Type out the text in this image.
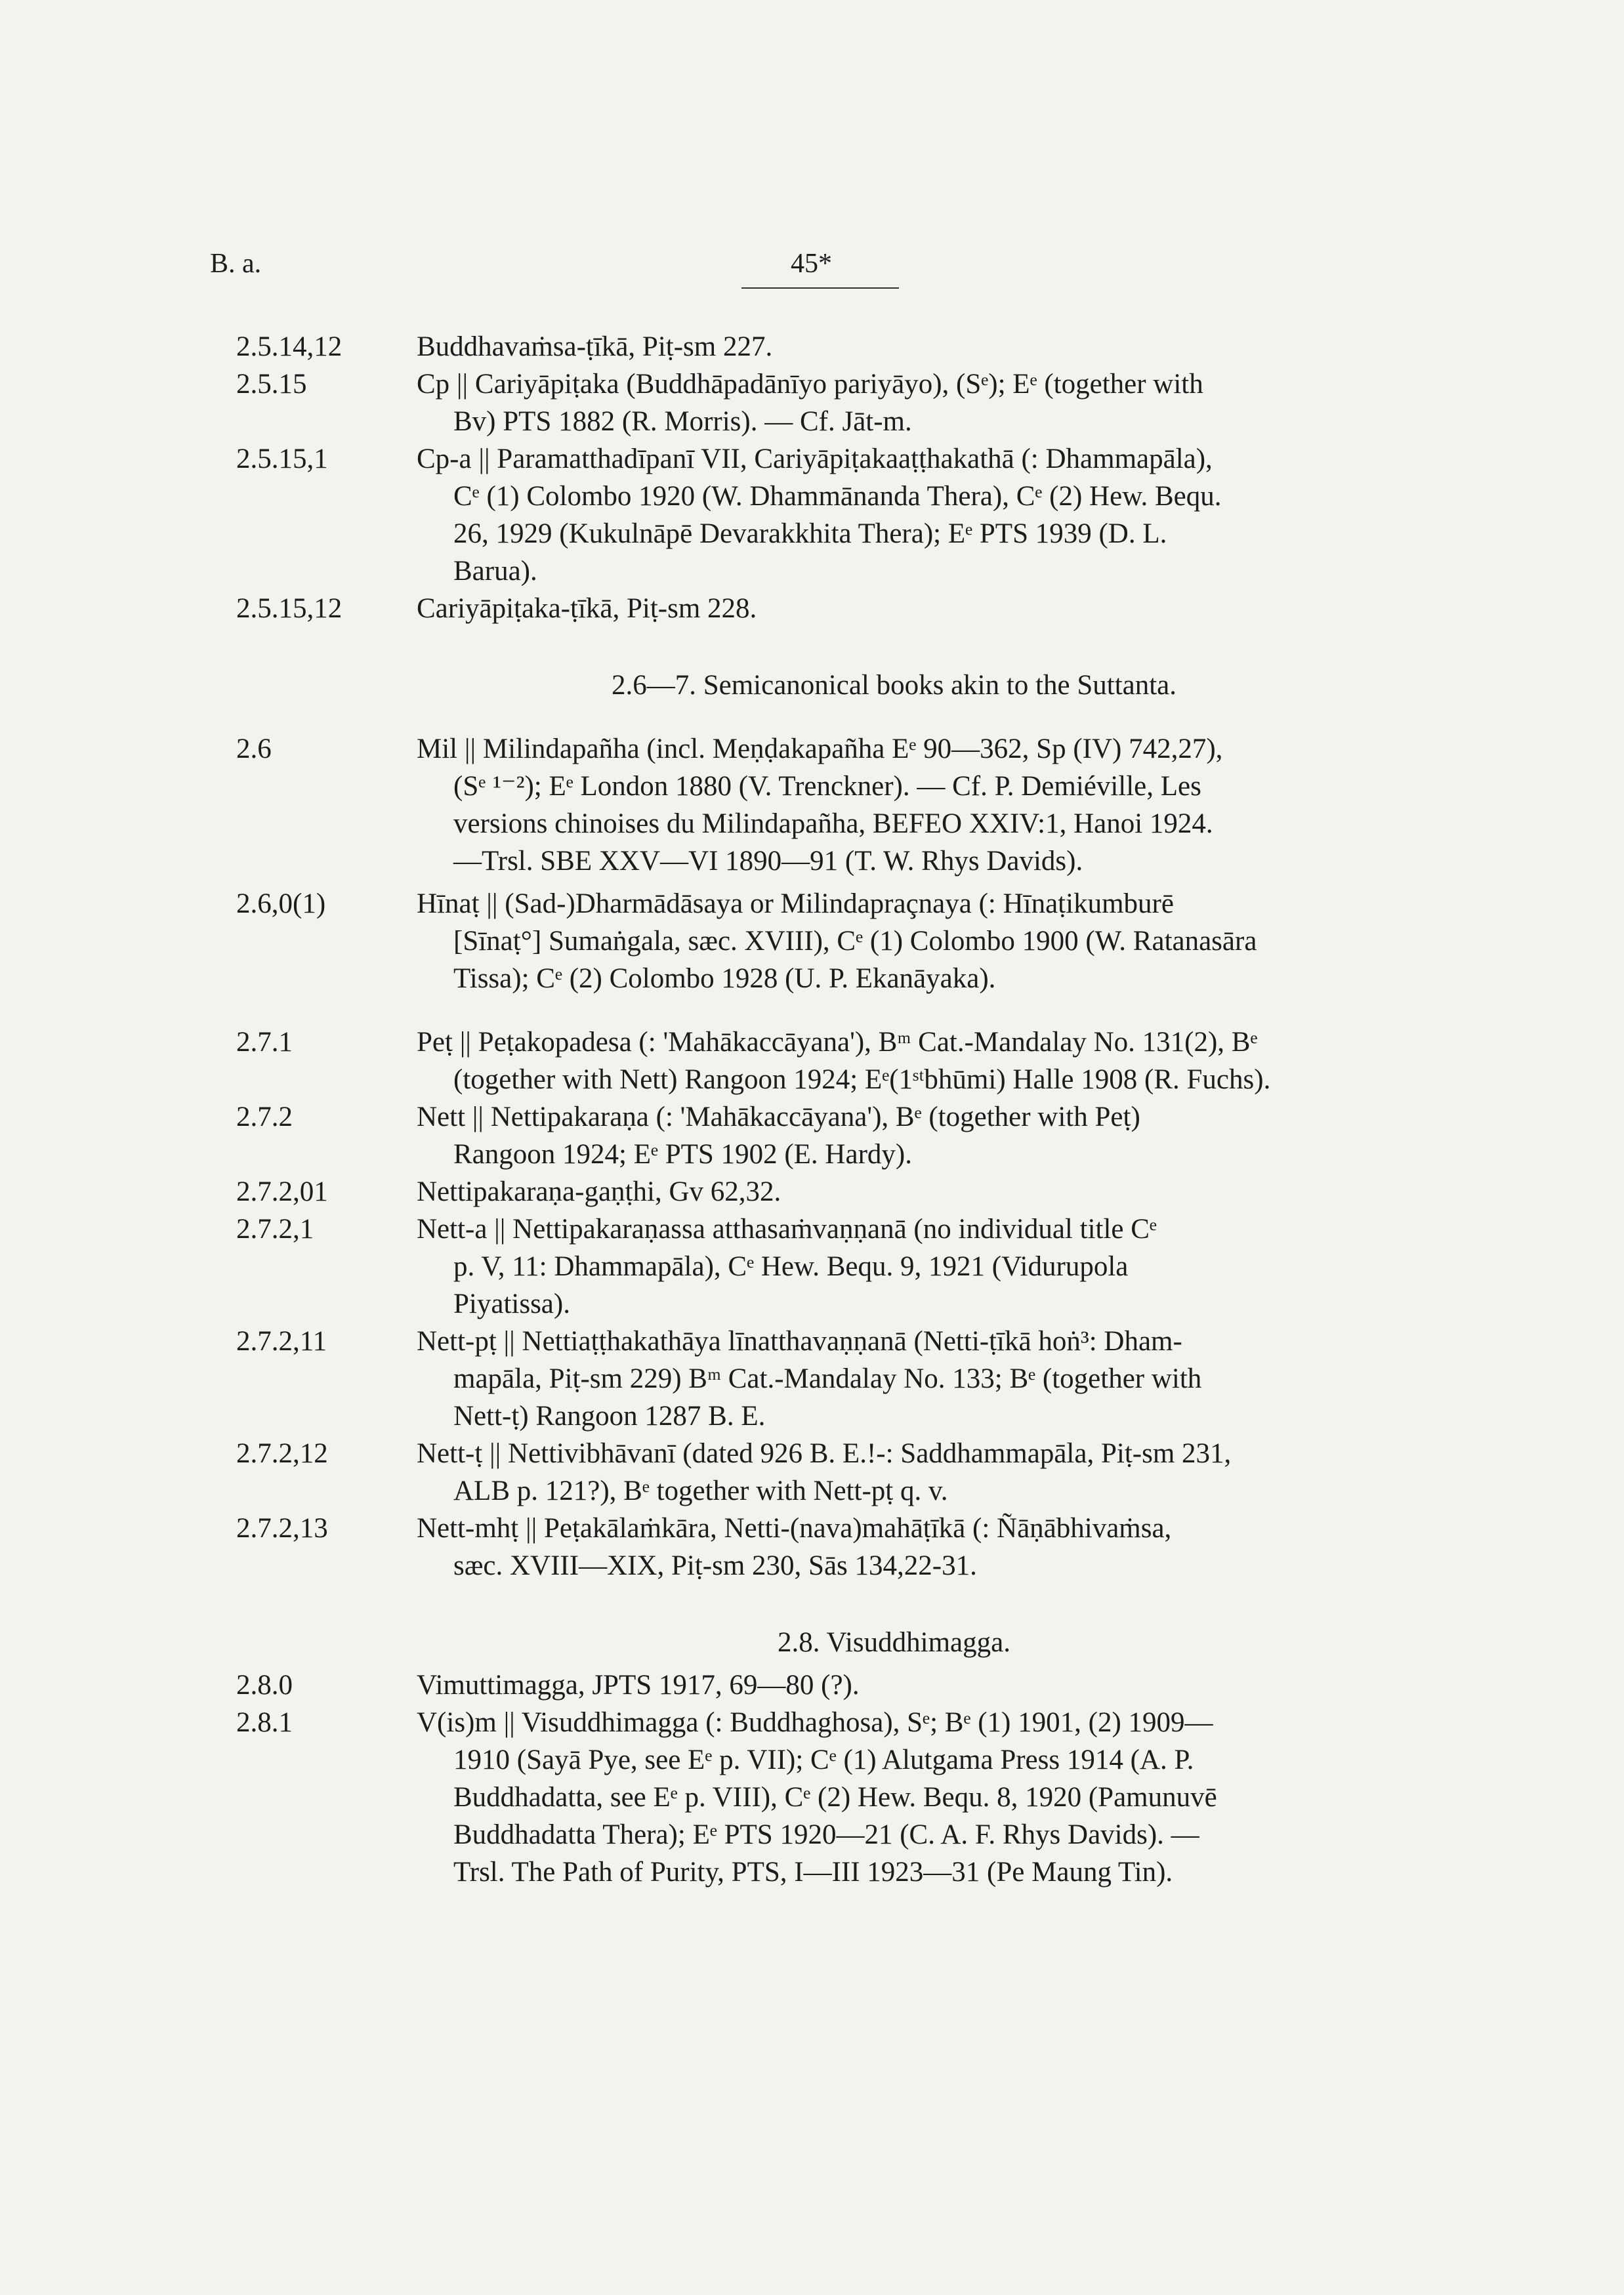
B. a.	45*
2.5.14,12	Buddhavaṁsa-ṭīkā, Piṭ-sm 227.
2.5.15	Cp || Cariyāpiṭaka (Buddhāpadānīyo pariyāyo), (Sᵉ); Eᵉ (together with
Bv) PTS 1882 (R. Morris). — Cf. Jāt-m.
2.5.15,1	Cp-a || Paramatthadīpanī VII, Cariyāpiṭakaaṭṭhakathā (: Dhammapāla),
Cᵉ (1) Colombo 1920 (W. Dhammānanda Thera), Cᵉ (2) Hew. Bequ.
26, 1929 (Kukulnāpē Devarakkhita Thera); Eᵉ PTS 1939 (D. L.
Barua).
2.5.15,12	Cariyāpiṭaka-ṭīkā, Piṭ-sm 228.
2.6—7. Semicanonical books akin to the Suttanta.
2.6	Mil || Milindapañha (incl. Meṇḍakapañha Eᵉ 90—362, Sp (IV) 742,27),
(Sᵉ ¹⁻²); Eᵉ London 1880 (V. Trenckner). — Cf. P. Demiéville, Les
versions chinoises du Milindapañha, BEFEO XXIV:1, Hanoi 1924.
—Trsl. SBE XXV—VI 1890—91 (T. W. Rhys Davids).
2.6,0(1)	Hīnaṭ || (Sad-)Dharmādāsaya or Milindapraçnaya (: Hīnaṭikumburē
[Sīnaṭ°] Sumaṅgala, sæc. XVIII), Cᵉ (1) Colombo 1900 (W. Ratanasāra
Tissa); Cᵉ (2) Colombo 1928 (U. P. Ekanāyaka).
2.7.1	Peṭ || Peṭakopadesa (: 'Mahākaccāyana'), Bᵐ Cat.-Mandalay No. 131(2), Bᵉ
(together with Nett) Rangoon 1924; Eᵉ(1ˢᵗbhūmi) Halle 1908 (R. Fuchs).
2.7.2	Nett || Nettipakaraṇa (: 'Mahākaccāyana'), Bᵉ (together with Peṭ)
Rangoon 1924; Eᵉ PTS 1902 (E. Hardy).
2.7.2,01	Nettipakaraṇa-gaṇṭhi, Gv 62,32.
2.7.2,1	Nett-a || Nettipakaraṇassa atthasaṁvaṇṇanā (no individual title Cᵉ
p. V, 11: Dhammapāla), Cᵉ Hew. Bequ. 9, 1921 (Vidurupola
Piyatissa).
2.7.2,11	Nett-pṭ || Nettiaṭṭhakathāya līnatthavaṇṇanā (Netti-ṭīkā hoṅ³: Dham-
mapāla, Piṭ-sm 229) Bᵐ Cat.-Mandalay No. 133; Bᵉ (together with
Nett-ṭ) Rangoon 1287 B. E.
2.7.2,12	Nett-ṭ || Nettivibhāvanī (dated 926 B. E.!-: Saddhammapāla, Piṭ-sm 231,
ALB p. 121?), Bᵉ together with Nett-pṭ q. v.
2.7.2,13	Nett-mhṭ || Peṭakālaṁkāra, Netti-(nava)mahāṭīkā (: Ñāṇābhivaṁsa,
sæc. XVIII—XIX, Piṭ-sm 230, Sās 134,22-31.
2.8. Visuddhimagga.
2.8.0	Vimuttimagga, JPTS 1917, 69—80 (?).
2.8.1	V(is)m || Visuddhimagga (: Buddhaghosa), Sᵉ; Bᵉ (1) 1901, (2) 1909—
1910 (Sayā Pye, see Eᵉ p. VII); Cᵉ (1) Alutgama Press 1914 (A. P.
Buddhadatta, see Eᵉ p. VIII), Cᵉ (2) Hew. Bequ. 8, 1920 (Pamunuvē
Buddhadatta Thera); Eᵉ PTS 1920—21 (C. A. F. Rhys Davids). —
Trsl. The Path of Purity, PTS, I—III 1923—31 (Pe Maung Tin).
